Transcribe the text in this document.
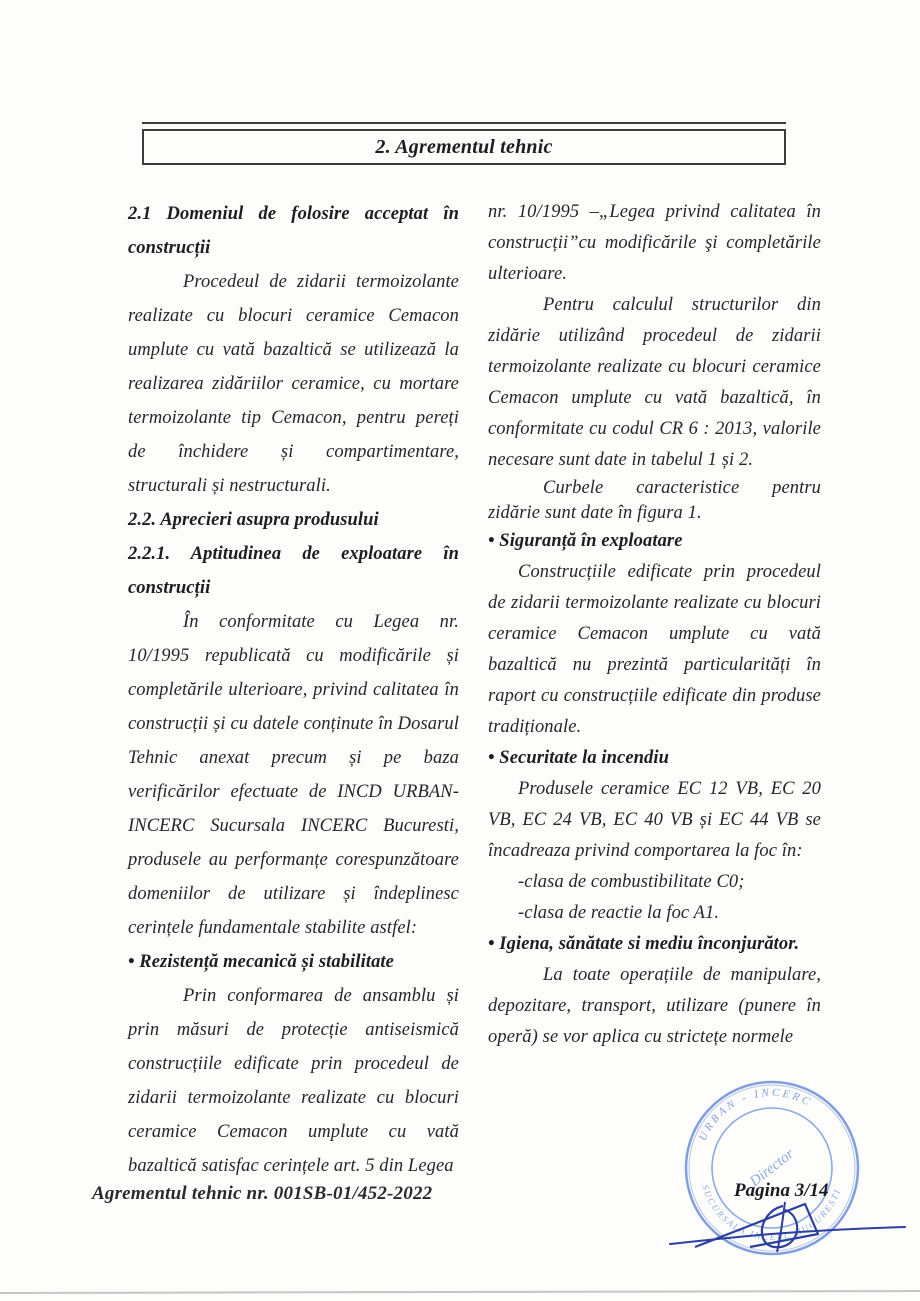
2. Agrementul tehnic
2.1 Domeniul de folosire acceptat în construcții

Procedeul de zidarii termoizolante realizate cu blocuri ceramice Cemacon umplute cu vată bazaltică se utilizează la realizarea zidăriilor ceramice, cu mortare termoizolante tip Cemacon, pentru pereți de închidere și compartimentare, structurali și nestructurali.

2.2. Aprecieri asupra produsului
2.2.1. Aptitudinea de exploatare în construcții

În conformitate cu Legea nr. 10/1995 republicată cu modificările și completările ulterioare, privind calitatea în construcții și cu datele conținute în Dosarul Tehnic anexat precum și pe baza verificărilor efectuate de INCD URBAN-INCERC Sucursala INCERC Bucuresti, produsele au performanțe corespunzătoare domeniilor de utilizare și îndeplinesc cerințele fundamentale stabilite astfel:

• Rezistență mecanică și stabilitate

Prin conformarea de ansamblu și prin măsuri de protecție antiseismică construcțiile edificate prin procedeul de zidarii termoizolante realizate cu blocuri ceramice Cemacon umplute cu vată bazaltică satisfac cerințele art. 5 din Legea

nr. 10/1995 –„Legea privind calitatea în construcții”cu modificările şi completările ulterioare.

Pentru calculul structurilor din zidărie utilizând procedeul de zidarii termoizolante realizate cu blocuri ceramice Cemacon umplute cu vată bazaltică, în conformitate cu codul CR 6 : 2013, valorile necesare sunt date in tabelul 1 și 2.

Curbele caracteristice pentru zidărie sunt date în figura 1.

• Siguranță în exploatare

Construcțiile edificate prin procedeul de zidarii termoizolante realizate cu blocuri ceramice Cemacon umplute cu vată bazaltică nu prezintă particularități în raport cu construcțiile edificate din produse tradiționale.

• Securitate la incendiu

Produsele ceramice EC 12 VB, EC 20 VB, EC 24 VB, EC 40 VB și EC 44 VB se încadreaza privind comportarea la foc în:

-clasa de combustibilitate C0;

-clasa de reactie la foc A1.

• Igiena, sănătate si mediu înconjurător.

La toate operațiile de manipulare, depozitare, transport, utilizare (punere în operă) se vor aplica cu strictețe normele

URBAN - INCERC
SUCURSALA INCERC BUCURESTI
Director
Agrementul tehnic nr. 001SB-01/452-2022	Pagina 3/14
